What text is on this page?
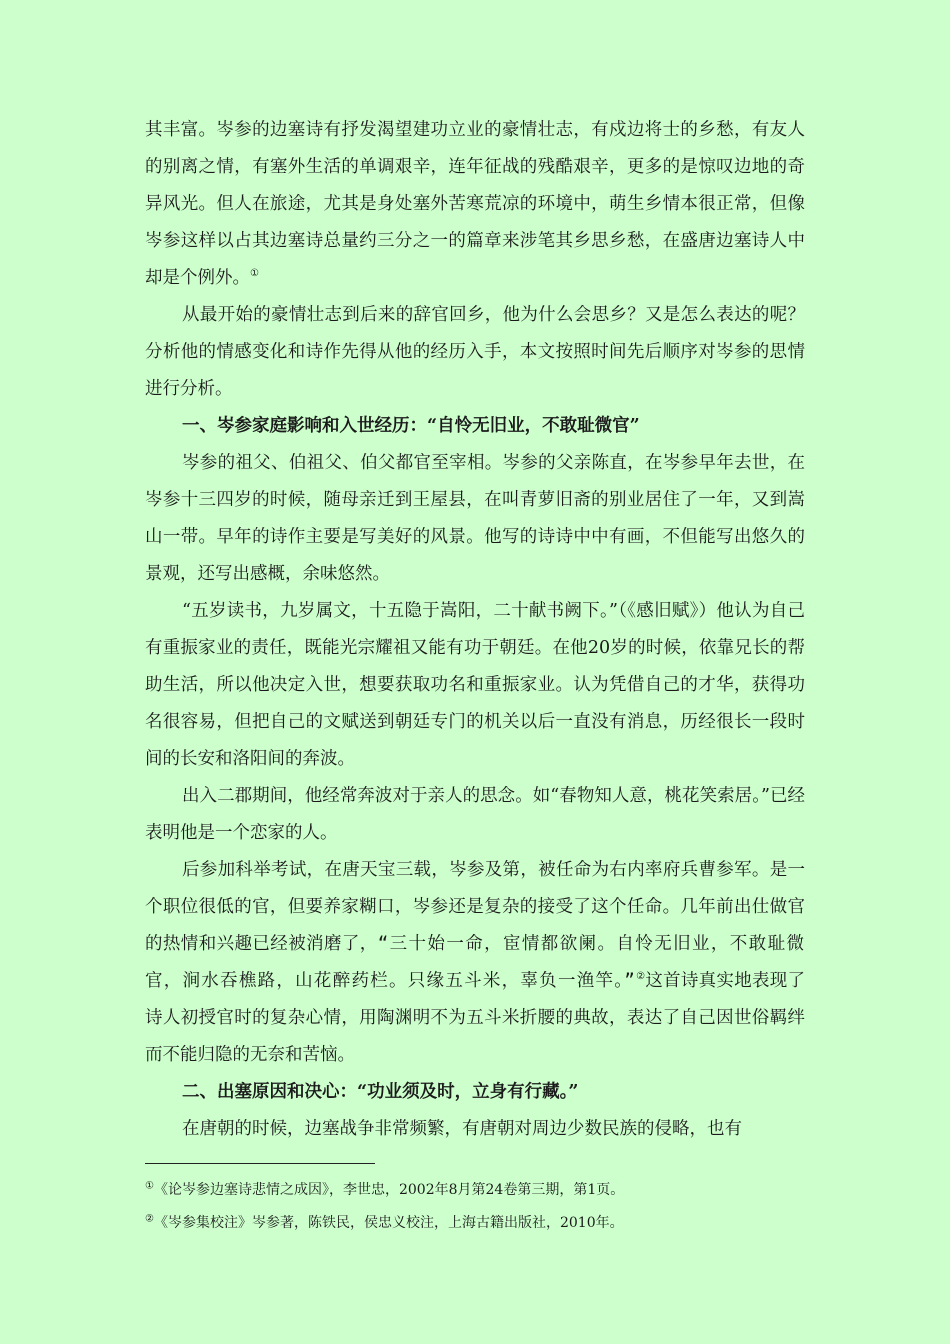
其丰富。岑参的边塞诗有抒发渴望建功立业的豪情壮志，有戍边将士的乡愁，有友人的别离之情，有塞外生活的单调艰辛，连年征战的残酷艰辛，更多的是惊叹边地的奇异风光。但人在旅途，尤其是身处塞外苦寒荒凉的环境中，萌生乡情本很正常，但像岑参这样以占其边塞诗总量约三分之一的篇章来涉笔其乡思乡愁，在盛唐边塞诗人中却是个例外。①

从最开始的豪情壮志到后来的辞官回乡，他为什么会思乡？又是怎么表达的呢？分析他的情感变化和诗作先得从他的经历入手，本文按照时间先后顺序对岑参的思情进行分析。

一、岑参家庭影响和入世经历：“自怜无旧业，不敢耻微官”

岑参的祖父、伯祖父、伯父都官至宰相。岑参的父亲陈直，在岑参早年去世，在岑参十三四岁的时候，随母亲迁到王屋县，在叫青萝旧斋的别业居住了一年，又到嵩山一带。早年的诗作主要是写美好的风景。他写的诗诗中中有画，不但能写出悠久的景观，还写出感概，余味悠然。

“五岁读书，九岁属文，十五隐于嵩阳，二十献书阙下。”（《感旧赋》）他认为自己有重振家业的责任，既能光宗耀祖又能有功于朝廷。在他20岁的时候，依靠兄长的帮助生活，所以他决定入世，想要获取功名和重振家业。认为凭借自己的才华，获得功名很容易，但把自己的文赋送到朝廷专门的机关以后一直没有消息，历经很长一段时间的长安和洛阳间的奔波。

出入二郡期间，他经常奔波对于亲人的思念。如“春物知人意，桃花笑索居。”已经表明他是一个恋家的人。

后参加科举考试，在唐天宝三载，岑参及第，被任命为右内率府兵曹参军。是一个职位很低的官，但要养家糊口，岑参还是复杂的接受了这个任命。几年前出仕做官的热情和兴趣已经被消磨了，“三十始一命，宦情都欲阑。自怜无旧业，不敢耻微官，涧水吞樵路，山花醉药栏。只缘五斗米，辜负一渔竿。”②这首诗真实地表现了诗人初授官时的复杂心情，用陶渊明不为五斗米折腰的典故，表达了自己因世俗羁绊而不能归隐的无奈和苦恼。

二、出塞原因和决心：“功业须及时，立身有行藏。”

在唐朝的时候，边塞战争非常频繁，有唐朝对周边少数民族的侵略，也有

①《论岑参边塞诗悲情之成因》，李世忠，2002年8月第24卷第三期，第1页。

②《岑参集校注》岑参著，陈铁民，侯忠义校注，上海古籍出版社，2010年。
